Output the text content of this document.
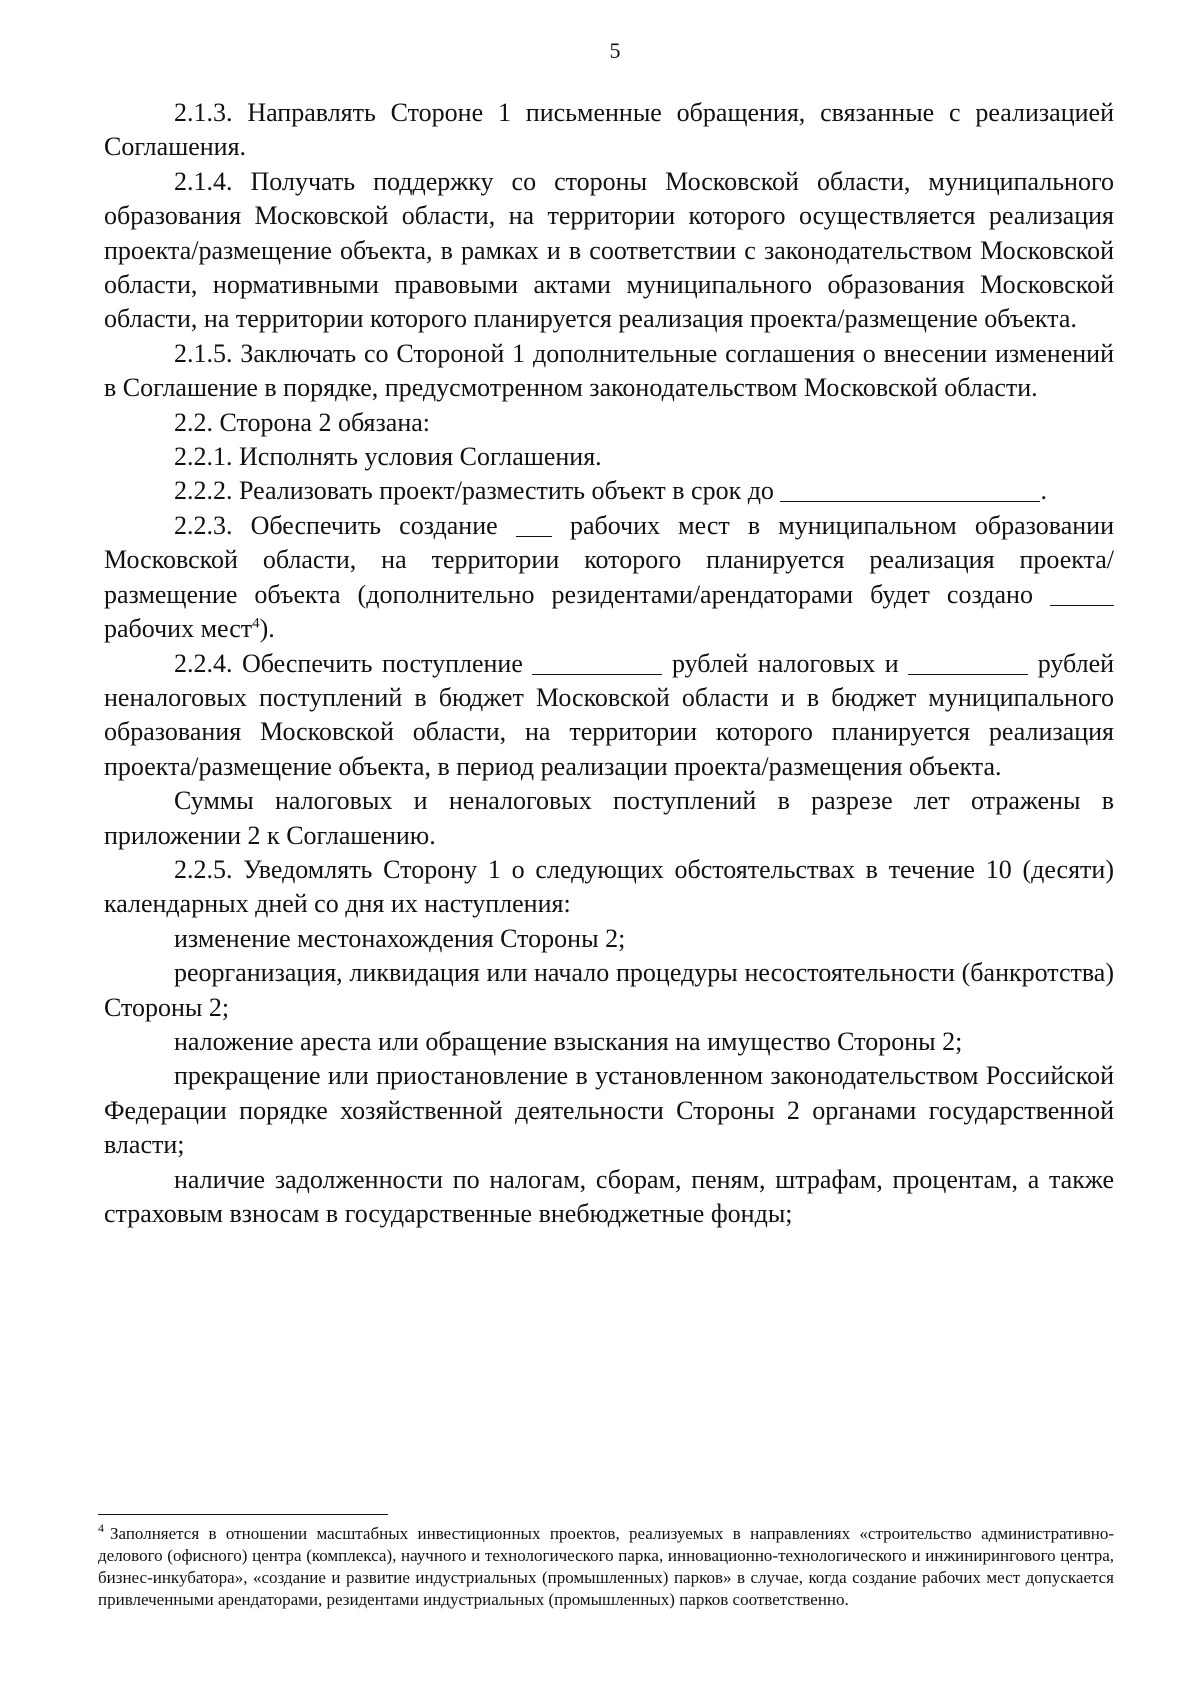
5

2.1.3. Направлять Стороне 1 письменные обращения, связанные с реализацией Соглашения.

2.1.4. Получать поддержку со стороны Московской области, муниципального образования Московской области, на территории которого осуществляется реализация проекта/размещение объекта, в рамках и в соответствии с законодательством Московской области, нормативными правовыми актами муниципального образования Московской области, на территории которого планируется реализация проекта/размещение объекта.

2.1.5. Заключать со Стороной 1 дополнительные соглашения о внесении изменений в Соглашение в порядке, предусмотренном законодательством Московской области.

2.2. Сторона 2 обязана:

2.2.1. Исполнять условия Соглашения.

2.2.2. Реализовать проект/разместить объект в срок до	.

2.2.3. Обеспечить создание	рабочих мест в муниципальном образовании Московской области, на территории которого планируется реализация проекта/размещение объекта (дополнительно резидентами/арендаторами будет создано  рабочих мест$^4$).

2.2.4. Обеспечить поступление	рублей налоговых и	рублей неналоговых поступлений в бюджет Московской области и в бюджет муниципального образования Московской области, на территории которого планируется реализация проекта/размещение объекта, в период реализации проекта/размещения объекта.

Суммы налоговых и неналоговых поступлений в разрезе лет отражены в приложении 2 к Соглашению.

2.2.5. Уведомлять Сторону 1 о следующих обстоятельствах в течение 10 (десяти) календарных дней со дня их наступления:

изменение местонахождения Стороны 2;

реорганизация, ликвидация или начало процедуры несостоятельности (банкротства) Стороны 2;

наложение ареста или обращение взыскания на имущество Стороны 2;

прекращение или приостановление в установленном законодательством Российской Федерации порядке хозяйственной деятельности Стороны 2 органами государственной власти;

наличие задолженности по налогам, сборам, пеням, штрафам, процентам, а также страховым взносам в государственные внебюджетные фонды;

$^4$ Заполняется в отношении масштабных инвестиционных проектов, реализуемых в направлениях «строительство административно-делового (офисного) центра (комплекса), научного и технологического парка, инновационно-технологического и инжинирингового центра, бизнес-инкубатора», «создание и развитие индустриальных (промышленных) парков» в случае, когда создание рабочих мест допускается привлеченными арендаторами, резидентами индустриальных (промышленных) парков соответственно.
